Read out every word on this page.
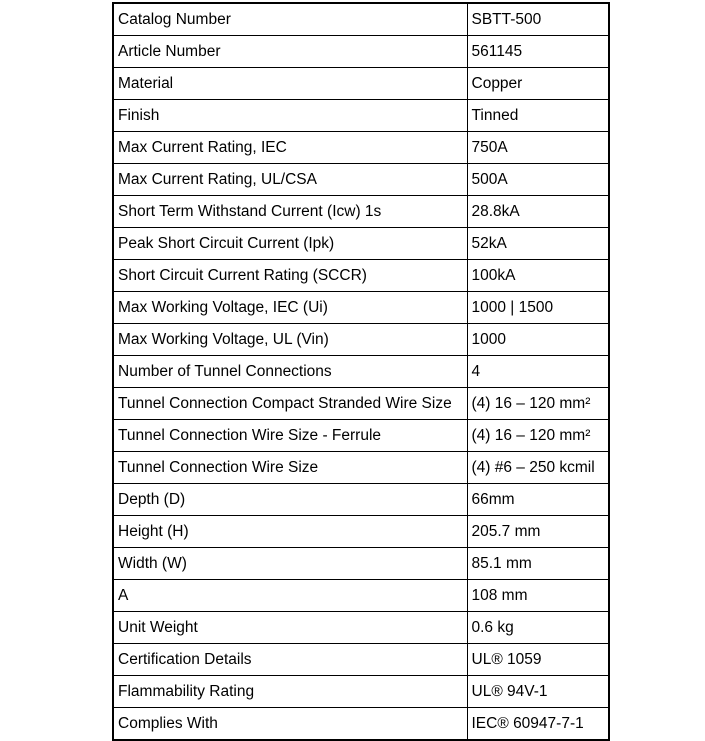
Catalog Number	SBTT-500
Article Number	561145
Material	Copper
Finish	Tinned
Max Current Rating, IEC	750A
Max Current Rating, UL/CSA	500A
Short Term Withstand Current (Icw) 1s	28.8kA
Peak Short Circuit Current (Ipk)	52kA
Short Circuit Current Rating (SCCR)	100kA
Max Working Voltage, IEC (Ui)	1000 | 1500
Max Working Voltage, UL (Vin)	1000
Number of Tunnel Connections	4
Tunnel Connection Compact Stranded Wire Size	(4) 16 – 120 mm²
Tunnel Connection Wire Size - Ferrule	(4) 16 – 120 mm²
Tunnel Connection Wire Size	(4) #6 – 250 kcmil
Depth (D)	66mm
Height (H)	205.7 mm
Width (W)	85.1 mm
A	108 mm
Unit Weight	0.6 kg
Certification Details	UL® 1059
Flammability Rating	UL® 94V-1
Complies With	IEC® 60947-7-1
